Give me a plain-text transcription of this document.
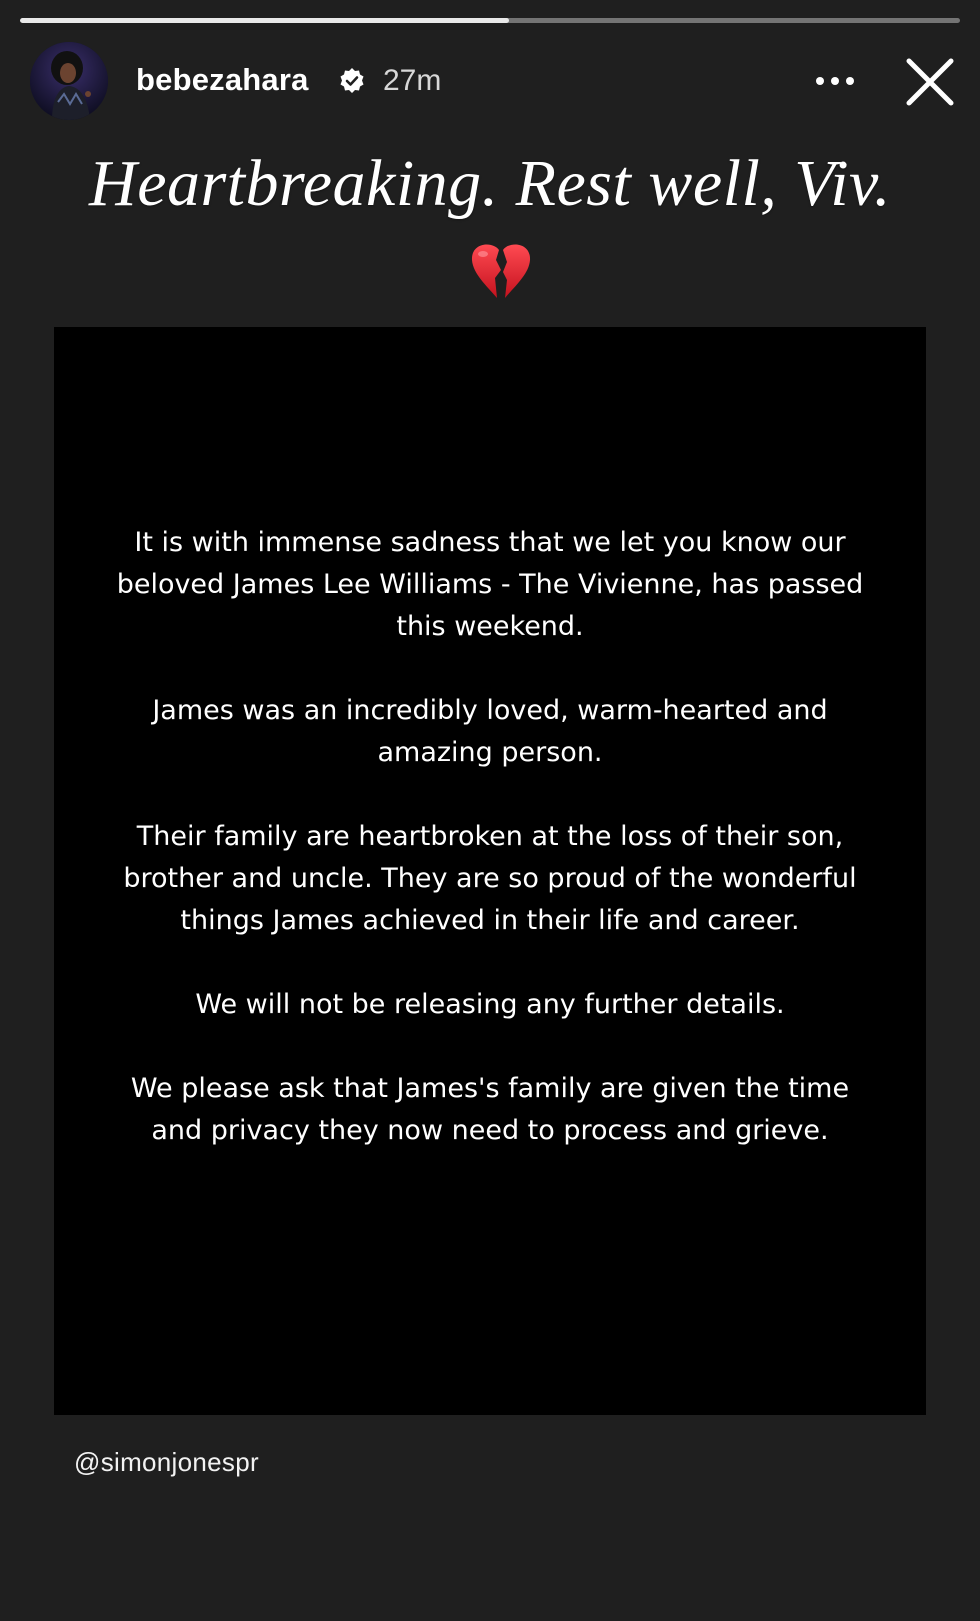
bebezahara 27m
Heartbreaking. Rest well, Viv.

It is with immense sadness that we let you know our beloved James Lee Williams - The Vivienne, has passed this weekend.

James was an incredibly loved, warm-hearted and amazing person.

Their family are heartbroken at the loss of their son, brother and uncle. They are so proud of the wonderful things James achieved in their life and career.

We will not be releasing any further details.

We please ask that James's family are given the time and privacy they now need to process and grieve.

@simonjonespr
